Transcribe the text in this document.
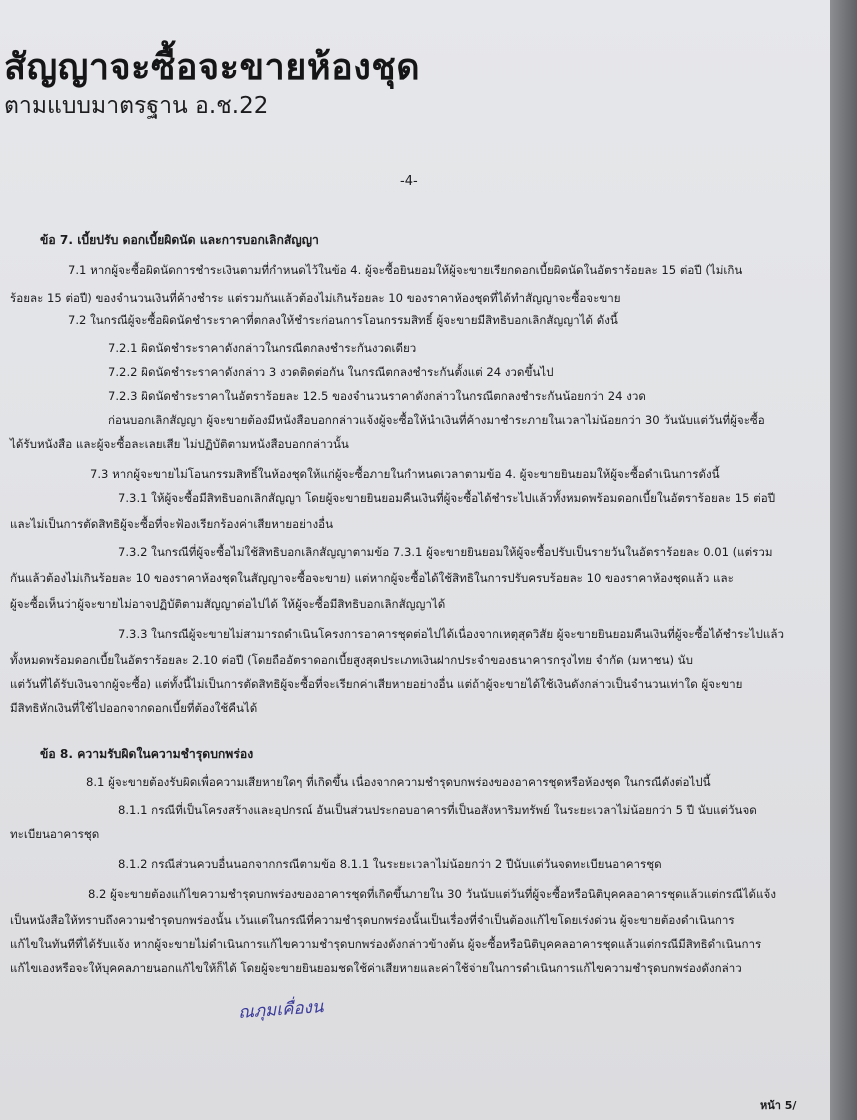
สัญญาจะซื้อจะขายห้องชุด
ตามแบบมาตรฐาน อ.ช.22
-4-
ข้อ 7. เบี้ยปรับ ดอกเบี้ยผิดนัด และการบอกเลิกสัญญา
7.1 หากผู้จะซื้อผิดนัดการชำระเงินตามที่กำหนดไว้ในข้อ 4. ผู้จะซื้อยินยอมให้ผู้จะขายเรียกดอกเบี้ยผิดนัดในอัตราร้อยละ 15 ต่อปี (ไม่เกิน
ร้อยละ 15 ต่อปี) ของจำนวนเงินที่ค้างชำระ แต่รวมกันแล้วต้องไม่เกินร้อยละ 10 ของราคาห้องชุดที่ได้ทำสัญญาจะซื้อจะขาย
7.2 ในกรณีผู้จะซื้อผิดนัดชำระราคาที่ตกลงให้ชำระก่อนการโอนกรรมสิทธิ์ ผู้จะขายมีสิทธิบอกเลิกสัญญาได้ ดังนี้
7.2.1 ผิดนัดชำระราคาดังกล่าวในกรณีตกลงชำระกันงวดเดียว
7.2.2 ผิดนัดชำระราคาดังกล่าว 3 งวดติดต่อกัน ในกรณีตกลงชำระกันตั้งแต่ 24 งวดขึ้นไป
7.2.3 ผิดนัดชำระราคาในอัตราร้อยละ 12.5 ของจำนวนราคาดังกล่าวในกรณีตกลงชำระกันน้อยกว่า 24 งวด
ก่อนบอกเลิกสัญญา ผู้จะขายต้องมีหนังสือบอกกล่าวแจ้งผู้จะซื้อให้นำเงินที่ค้างมาชำระภายในเวลาไม่น้อยกว่า 30 วันนับแต่วันที่ผู้จะซื้อ
ได้รับหนังสือ และผู้จะซื้อละเลยเสีย ไม่ปฏิบัติตามหนังสือบอกกล่าวนั้น
7.3 หากผู้จะขายไม่โอนกรรมสิทธิ์ในห้องชุดให้แก่ผู้จะซื้อภายในกำหนดเวลาตามข้อ 4. ผู้จะขายยินยอมให้ผู้จะซื้อดำเนินการดังนี้
7.3.1 ให้ผู้จะซื้อมีสิทธิบอกเลิกสัญญา โดยผู้จะขายยินยอมคืนเงินที่ผู้จะซื้อได้ชำระไปแล้วทั้งหมดพร้อมดอกเบี้ยในอัตราร้อยละ 15 ต่อปี
และไม่เป็นการตัดสิทธิผู้จะซื้อที่จะฟ้องเรียกร้องค่าเสียหายอย่างอื่น
7.3.2 ในกรณีที่ผู้จะซื้อไม่ใช้สิทธิบอกเลิกสัญญาตามข้อ 7.3.1 ผู้จะขายยินยอมให้ผู้จะซื้อปรับเป็นรายวันในอัตราร้อยละ 0.01 (แต่รวม
กันแล้วต้องไม่เกินร้อยละ 10 ของราคาห้องชุดในสัญญาจะซื้อจะขาย) แต่หากผู้จะซื้อได้ใช้สิทธิในการปรับครบร้อยละ 10 ของราคาห้องชุดแล้ว และ
ผู้จะซื้อเห็นว่าผู้จะขายไม่อาจปฏิบัติตามสัญญาต่อไปได้ ให้ผู้จะซื้อมีสิทธิบอกเลิกสัญญาได้
7.3.3 ในกรณีผู้จะขายไม่สามารถดำเนินโครงการอาคารชุดต่อไปได้เนื่องจากเหตุสุดวิสัย ผู้จะขายยินยอมคืนเงินที่ผู้จะซื้อได้ชำระไปแล้ว
ทั้งหมดพร้อมดอกเบี้ยในอัตราร้อยละ 2.10 ต่อปี (โดยถืออัตราดอกเบี้ยสูงสุดประเภทเงินฝากประจำของธนาคารกรุงไทย จำกัด (มหาชน) นับ
แต่วันที่ได้รับเงินจากผู้จะซื้อ) แต่ทั้งนี้ไม่เป็นการตัดสิทธิผู้จะซื้อที่จะเรียกค่าเสียหายอย่างอื่น แต่ถ้าผู้จะขายได้ใช้เงินดังกล่าวเป็นจำนวนเท่าใด ผู้จะขาย
มีสิทธิหักเงินที่ใช้ไปออกจากดอกเบี้ยที่ต้องใช้คืนได้
ข้อ 8. ความรับผิดในความชำรุดบกพร่อง
8.1 ผู้จะขายต้องรับผิดเพื่อความเสียหายใดๆ ที่เกิดขึ้น เนื่องจากความชำรุดบกพร่องของอาคารชุดหรือห้องชุด ในกรณีดังต่อไปนี้
8.1.1 กรณีที่เป็นโครงสร้างและอุปกรณ์ อันเป็นส่วนประกอบอาคารที่เป็นอสังหาริมทรัพย์ ในระยะเวลาไม่น้อยกว่า 5 ปี นับแต่วันจด
ทะเบียนอาคารชุด
8.1.2 กรณีส่วนควบอื่นนอกจากกรณีตามข้อ 8.1.1 ในระยะเวลาไม่น้อยกว่า 2 ปีนับแต่วันจดทะเบียนอาคารชุด
8.2 ผู้จะขายต้องแก้ไขความชำรุดบกพร่องของอาคารชุดที่เกิดขึ้นภายใน 30 วันนับแต่วันที่ผู้จะซื้อหรือนิติบุคคลอาคารชุดแล้วแต่กรณีได้แจ้ง
เป็นหนังสือให้ทราบถึงความชำรุดบกพร่องนั้น เว้นแต่ในกรณีที่ความชำรุดบกพร่องนั้นเป็นเรื่องที่จำเป็นต้องแก้ไขโดยเร่งด่วน ผู้จะขายต้องดำเนินการ
แก้ไขในทันทีที่ได้รับแจ้ง หากผู้จะขายไม่ดำเนินการแก้ไขความชำรุดบกพร่องดังกล่าวข้างต้น ผู้จะซื้อหรือนิติบุคคลอาคารชุดแล้วแต่กรณีมีสิทธิดำเนินการ
แก้ไขเองหรือจะให้บุคคลภายนอกแก้ไขให้ก็ได้ โดยผู้จะขายยินยอมชดใช้ค่าเสียหายและค่าใช้จ่ายในการดำเนินการแก้ไขความชำรุดบกพร่องดังกล่าว
ณภุมเคื่องน
หน้า 5/
